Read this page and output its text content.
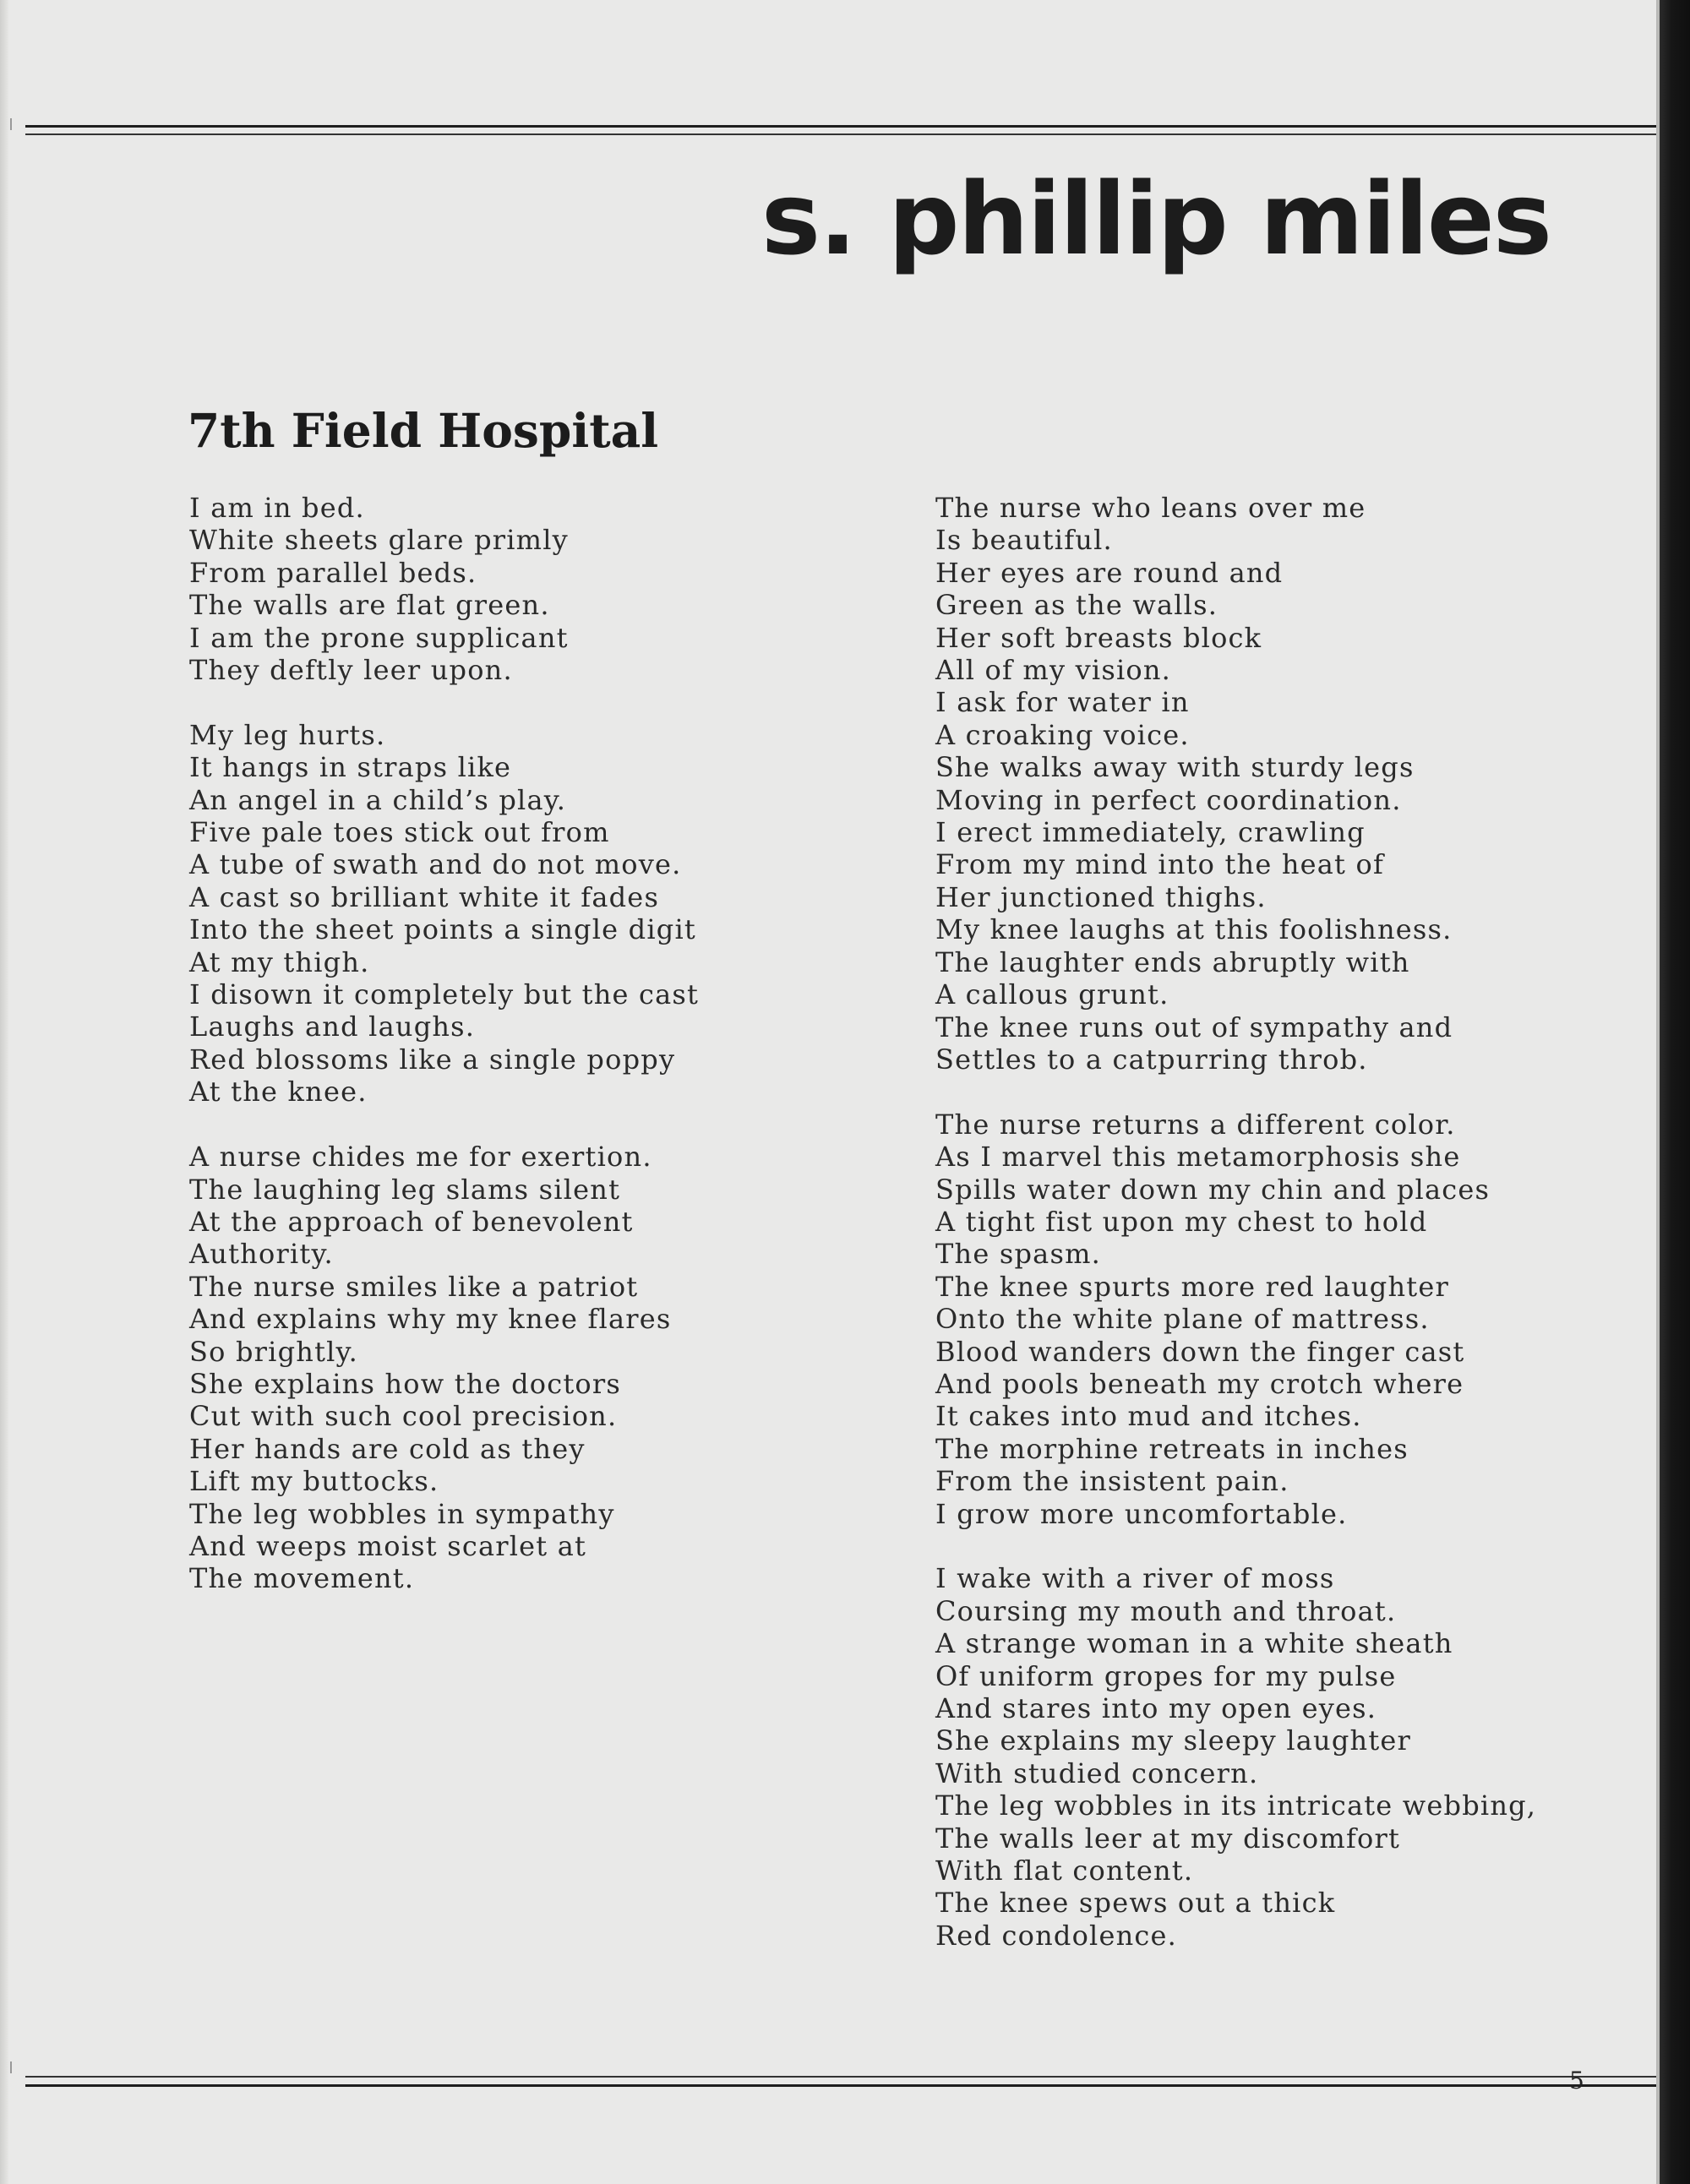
s. phillip miles
7th Field Hospital
I am in bed.
White sheets glare primly
From parallel beds.
The walls are flat green.
I am the prone supplicant
They deftly leer upon.
My leg hurts.
It hangs in straps like
An angel in a child’s play.
Five pale toes stick out from
A tube of swath and do not move.
A cast so brilliant white it fades
Into the sheet points a single digit
At my thigh.
I disown it completely but the cast
Laughs and laughs.
Red blossoms like a single poppy
At the knee.
A nurse chides me for exertion.
The laughing leg slams silent
At the approach of benevolent
Authority.
The nurse smiles like a patriot
And explains why my knee flares
So brightly.
She explains how the doctors
Cut with such cool precision.
Her hands are cold as they
Lift my buttocks.
The leg wobbles in sympathy
And weeps moist scarlet at
The movement.
The nurse who leans over me
Is beautiful.
Her eyes are round and
Green as the walls.
Her soft breasts block
All of my vision.
I ask for water in
A croaking voice.
She walks away with sturdy legs
Moving in perfect coordination.
I erect immediately, crawling
From my mind into the heat of
Her junctioned thighs.
My knee laughs at this foolishness.
The laughter ends abruptly with
A callous grunt.
The knee runs out of sympathy and
Settles to a catpurring throb.
The nurse returns a different color.
As I marvel this metamorphosis she
Spills water down my chin and places
A tight fist upon my chest to hold
The spasm.
The knee spurts more red laughter
Onto the white plane of mattress.
Blood wanders down the finger cast
And pools beneath my crotch where
It cakes into mud and itches.
The morphine retreats in inches
From the insistent pain.
I grow more uncomfortable.
I wake with a river of moss
Coursing my mouth and throat.
A strange woman in a white sheath
Of uniform gropes for my pulse
And stares into my open eyes.
She explains my sleepy laughter
With studied concern.
The leg wobbles in its intricate webbing,
The walls leer at my discomfort
With flat content.
The knee spews out a thick
Red condolence.
5
